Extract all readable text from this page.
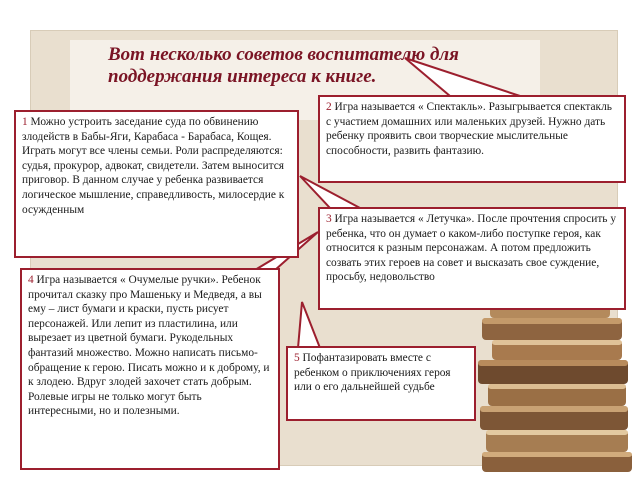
Вот несколько советов воспитателю для поддержания интереса к книге.
1 Можно устроить заседание суда по обвинению злодейств в Бабы-Яги, Карабаса - Барабаса, Кощея. Играть могут все члены семьи. Роли распределяются: судья, прокурор, адвокат, свидетели. Затем выносится приговор. В данном случае у ребенка развивается логическое мышление, справедливость, милосердие к осужденным
2 Игра называется « Спектакль». Разыгрывается спектакль с участием домашних или маленьких друзей. Нужно дать ребенку проявить свои творческие мыслительные способности, развить фантазию.
3 Игра называется « Летучка». После прочтения спросить у ребенка, что он думает о каком-либо поступке героя, как относится к разным персонажам. А потом предложить созвать этих героев на совет и высказать свое суждение, просьбу, недовольство
4 Игра называется « Очумелые ручки». Ребенок прочитал сказку про Машеньку и Медведя, а вы ему – лист бумаги и краски, пусть рисует персонажей. Или лепит из пластилина, или вырезает из цветной бумаги. Рукодельных фантазий множество. Можно написать письмо-обращение к герою. Писать можно и к доброму, и к злодею. Вдруг злодей захочет стать добрым.
Ролевые игры не только могут быть интересными, но и полезными.
5 Пофантазировать вместе с ребенком о приключениях героя или о его дальнейшей судьбе
